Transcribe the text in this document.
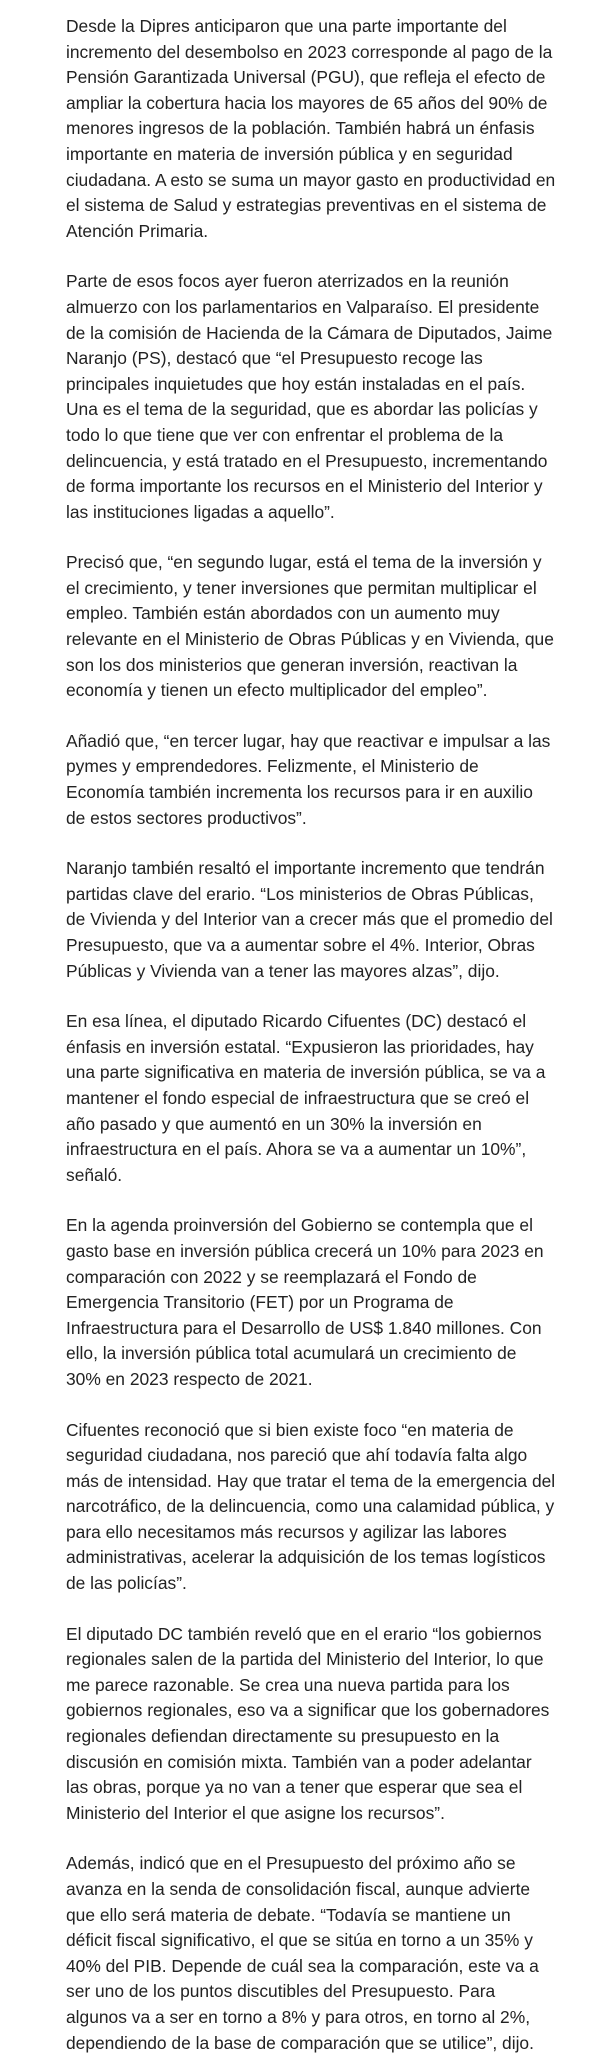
Desde la Dipres anticiparon que una parte importante del incremento del desembolso en 2023 corresponde al pago de la Pensión Garantizada Universal (PGU), que refleja el efecto de ampliar la cobertura hacia los mayores de 65 años del 90% de menores ingresos de la población. También habrá un énfasis importante en materia de inversión pública y en seguridad ciudadana. A esto se suma un mayor gasto en productividad en el sistema de Salud y estrategias preventivas en el sistema de Atención Primaria.

Parte de esos focos ayer fueron aterrizados en la reunión almuerzo con los parlamentarios en Valparaíso. El presidente de la comisión de Hacienda de la Cámara de Diputados, Jaime Naranjo (PS), destacó que “el Presupuesto recoge las principales inquietudes que hoy están instaladas en el país. Una es el tema de la seguridad, que es abordar las policías y todo lo que tiene que ver con enfrentar el problema de la delincuencia, y está tratado en el Presupuesto, incrementando de forma importante los recursos en el Ministerio del Interior y las instituciones ligadas a aquello”.

Precisó que, “en segundo lugar, está el tema de la inversión y el crecimiento, y tener inversiones que permitan multiplicar el empleo. También están abordados con un aumento muy relevante en el Ministerio de Obras Públicas y en Vivienda, que son los dos ministerios que generan inversión, reactivan la economía y tienen un efecto multiplicador del empleo”.

Añadió que, “en tercer lugar, hay que reactivar e impulsar a las pymes y emprendedores. Felizmente, el Ministerio de Economía también incrementa los recursos para ir en auxilio de estos sectores productivos”.

Naranjo también resaltó el importante incremento que tendrán partidas clave del erario. “Los ministerios de Obras Públicas, de Vivienda y del Interior van a crecer más que el promedio del Presupuesto, que va a aumentar sobre el 4%. Interior, Obras Públicas y Vivienda van a tener las mayores alzas”, dijo.

En esa línea, el diputado Ricardo Cifuentes (DC) destacó el énfasis en inversión estatal. “Expusieron las prioridades, hay una parte significativa en materia de inversión pública, se va a mantener el fondo especial de infraestructura que se creó el año pasado y que aumentó en un 30% la inversión en infraestructura en el país. Ahora se va a aumentar un 10%”, señaló.

En la agenda proinversión del Gobierno se contempla que el gasto base en inversión pública crecerá un 10% para 2023 en comparación con 2022 y se reemplazará el Fondo de Emergencia Transitorio (FET) por un Programa de Infraestructura para el Desarrollo de US$ 1.840 millones. Con ello, la inversión pública total acumulará un crecimiento de 30% en 2023 respecto de 2021.

Cifuentes reconoció que si bien existe foco “en materia de seguridad ciudadana, nos pareció que ahí todavía falta algo más de intensidad. Hay que tratar el tema de la emergencia del narcotráfico, de la delincuencia, como una calamidad pública, y para ello necesitamos más recursos y agilizar las labores administrativas, acelerar la adquisición de los temas logísticos de las policías”.

El diputado DC también reveló que en el erario “los gobiernos regionales salen de la partida del Ministerio del Interior, lo que me parece razonable. Se crea una nueva partida para los gobiernos regionales, eso va a significar que los gobernadores regionales defiendan directamente su presupuesto en la discusión en comisión mixta. También van a poder adelantar las obras, porque ya no van a tener que esperar que sea el Ministerio del Interior el que asigne los recursos”.

Además, indicó que en el Presupuesto del próximo año se avanza en la senda de consolidación fiscal, aunque advierte que ello será materia de debate. “Todavía se mantiene un déficit fiscal significativo, el que se sitúa en torno a un 35% y 40% del PIB. Depende de cuál sea la comparación, este va a ser uno de los puntos discutibles del Presupuesto. Para algunos va a ser en torno a 8% y para otros, en torno al 2%, dependiendo de la base de comparación que se utilice”, dijo.
